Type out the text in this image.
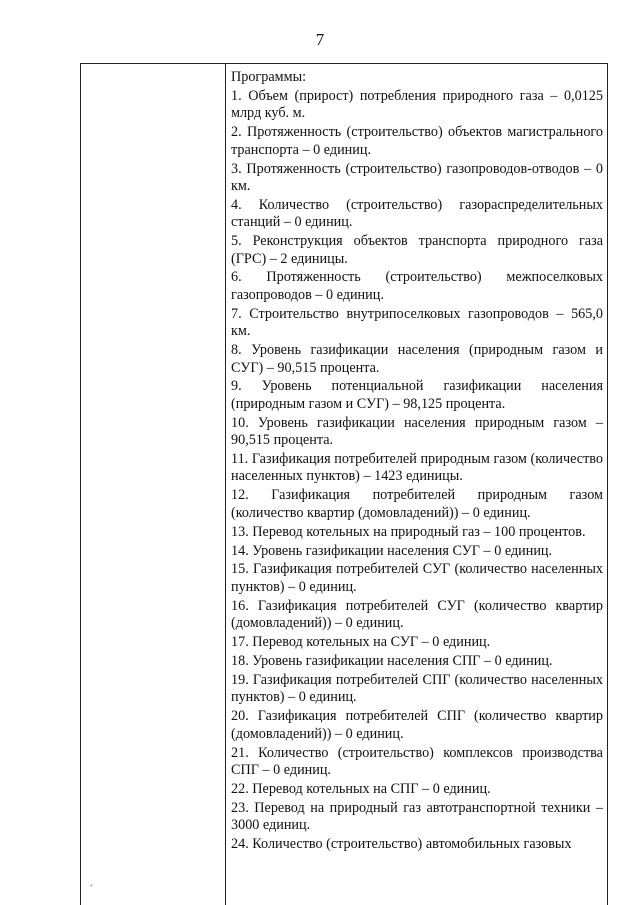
7

Программы:

1. Объем (прирост) потребления природного газа – 0,0125 млрд куб. м.

2. Протяженность (строительство) объектов магистрального транспорта – 0 единиц.

3. Протяженность (строительство) газопроводов-отводов – 0 км.

4. Количество (строительство) газораспределительных станций – 0 единиц.

5. Реконструкция объектов транспорта природного газа (ГРС) – 2 единицы.

6. Протяженность (строительство) межпоселковых газопроводов – 0 единиц.

7. Строительство внутрипоселковых газопроводов – 565,0 км.

8. Уровень газификации населения (природным газом и СУГ) – 90,515 процента.

9. Уровень потенциальной газификации населения (природным газом и СУГ) – 98,125 процента.

10. Уровень газификации населения природным газом – 90,515 процента.

11. Газификация потребителей природным газом (количество населенных пунктов) – 1423 единицы.

12. Газификация потребителей природным газом (количество квартир (домовладений)) – 0 единиц.

13. Перевод котельных на природный газ – 100 процентов.

14. Уровень газификации населения СУГ – 0 единиц.

15. Газификация потребителей СУГ (количество населенных пунктов) – 0 единиц.

16. Газификация потребителей СУГ (количество квартир (домовладений)) – 0 единиц.

17. Перевод котельных на СУГ – 0 единиц.

18. Уровень газификации населения СПГ – 0 единиц.

19. Газификация потребителей СПГ (количество населенных пунктов) – 0 единиц.

20. Газификация потребителей СПГ (количество квартир (домовладений)) – 0 единиц.

21. Количество (строительство) комплексов производства СПГ – 0 единиц.

22. Перевод котельных на СПГ – 0 единиц.

23. Перевод на природный газ автотранспортной техники – 3000 единиц.

24. Количество (строительство) автомобильных газовых

.
